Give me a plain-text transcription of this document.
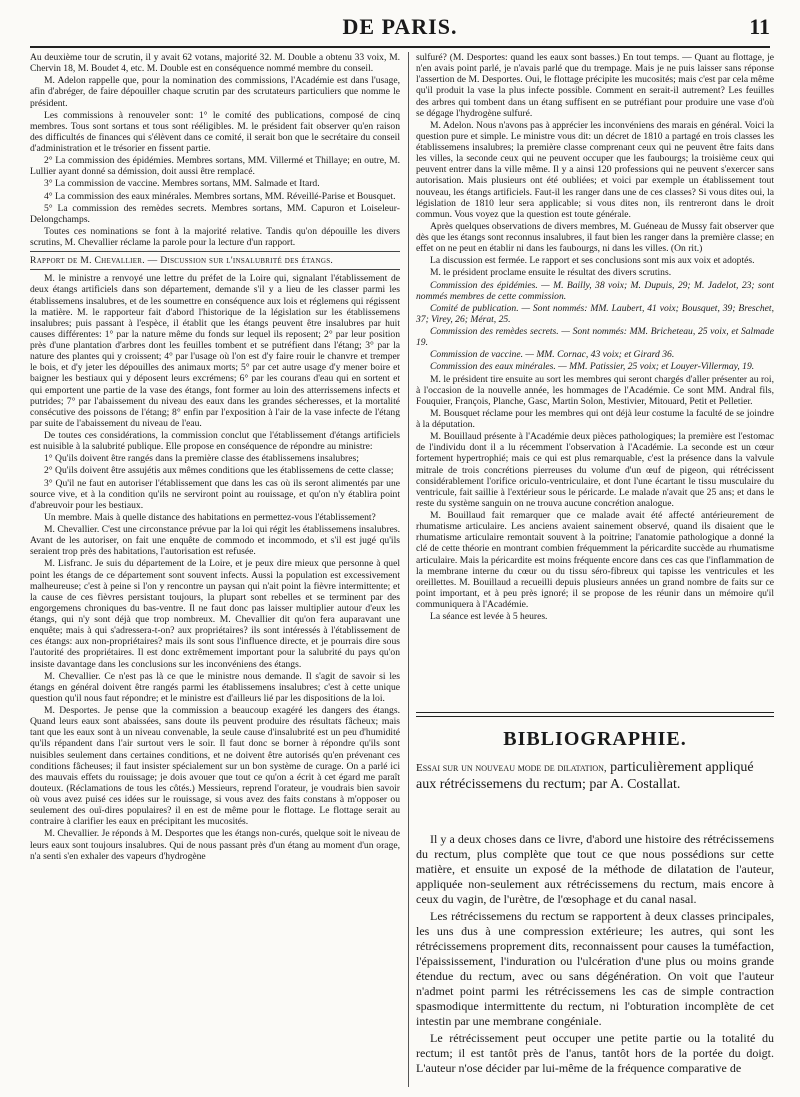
DE PARIS.	11

Au deuxième tour de scrutin, il y avait 62 votans, majorité 32. M. Double a obtenu 33 voix, M. Chervin 18, M. Boudet 4, etc. M. Double est en conséquence nommé membre du conseil.

M. Adelon rappelle que, pour la nomination des commissions, l'Académie est dans l'usage, afin d'abréger, de faire dépouiller chaque scrutin par des scrutateurs particuliers que nomme le président.

Les commissions à renouveler sont: 1° le comité des publications, composé de cinq membres. Tous sont sortans et tous sont rééligibles. M. le président fait observer qu'en raison des difficultés de finances qui s'élèvent dans ce comité, il serait bon que le secrétaire du conseil d'administration et le trésorier en fissent partie.

2° La commission des épidémies. Membres sortans, MM. Villermé et Thillaye; en outre, M. Lullier ayant donné sa démission, doit aussi être remplacé.

3° La commission de vaccine. Membres sortans, MM. Salmade et Itard.

4° La commission des eaux minérales. Membres sortans, MM. Réveillé-Parise et Bousquet.

5° La commission des remèdes secrets. Membres sortans, MM. Capuron et Loiseleur-Delongchamps.

Toutes ces nominations se font à la majorité relative. Tandis qu'on dépouille les divers scrutins, M. Chevallier réclame la parole pour la lecture d'un rapport.

Rapport de M. Chevallier. — Discussion sur l'insalubrité des étangs.

M. le ministre a renvoyé une lettre du préfet de la Loire qui, signalant l'établissement de deux étangs artificiels dans son département, demande s'il y a lieu de les classer parmi les établissemens insalubres, et de les soumettre en conséquence aux lois et réglemens qui régissent la matière. M. le rapporteur fait d'abord l'historique de la législation sur les établissemens insalubres; puis passant à l'espèce, il établit que les étangs peuvent être insalubres par huit causes différentes: 1° par la nature même du fonds sur lequel ils reposent; 2° par leur position près d'une plantation d'arbres dont les feuilles tombent et se putréfient dans l'étang; 3° par la nature des plantes qui y croissent; 4° par l'usage où l'on est d'y faire rouir le chanvre et tremper le bois, et d'y jeter les dépouilles des animaux morts; 5° par cet autre usage d'y mener boire et baigner les bestiaux qui y déposent leurs excrémens; 6° par les courans d'eau qui en sortent et qui emportent une partie de la vase des étangs, font former au loin des atterrissemens infects et putrides; 7° par l'abaissement du niveau des eaux dans les grandes sécheresses, et la mortalité consécutive des poissons de l'étang; 8° enfin par l'exposition à l'air de la vase infecte de l'étang par suite de l'abaissement du niveau de l'eau.

De toutes ces considérations, la commission conclut que l'établissement d'étangs artificiels est nuisible à la salubrité publique. Elle propose en conséquence de répondre au ministre:

1° Qu'ils doivent être rangés dans la première classe des établissemens insalubres;

2° Qu'ils doivent être assujétis aux mêmes conditions que les établissemens de cette classe;

3° Qu'il ne faut en autoriser l'établissement que dans les cas où ils seront alimentés par une source vive, et à la condition qu'ils ne serviront point au rouissage, et qu'on n'y établira point d'abreuvoir pour les bestiaux.

Un membre. Mais à quelle distance des habitations en permettez-vous l'établissement?

M. Chevallier. C'est une circonstance prévue par la loi qui régit les établissemens insalubres. Avant de les autoriser, on fait une enquête de commodo et incommodo, et s'il est jugé qu'ils seraient trop près des habitations, l'autorisation est refusée.

M. Lisfranc. Je suis du département de la Loire, et je peux dire mieux que personne à quel point les étangs de ce département sont souvent infects. Aussi la population est excessivement malheureuse; c'est à peine si l'on y rencontre un paysan qui n'ait point la fièvre intermittente; et la cause de ces fièvres persistant toujours, la plupart sont rebelles et se terminent par des engorgemens chroniques du bas-ventre. Il ne faut donc pas laisser multiplier autour d'eux les étangs, qui n'y sont déjà que trop nombreux. M. Chevallier dit qu'on fera auparavant une enquête; mais à qui s'adressera-t-on? aux propriétaires? ils sont intéressés à l'établissement de ces étangs: aux non-propriétaires? mais ils sont sous l'influence directe, et je pourrais dire sous l'autorité des propriétaires. Il est donc extrêmement important pour la salubrité du pays qu'on insiste davantage dans les conclusions sur les inconvéniens des étangs.

M. Chevallier. Ce n'est pas là ce que le ministre nous demande. Il s'agit de savoir si les étangs en général doivent être rangés parmi les établissemens insalubres; c'est à cette unique question qu'il nous faut répondre; et le ministre est d'ailleurs lié par les dispositions de la loi.

M. Desportes. Je pense que la commission a beaucoup exagéré les dangers des étangs. Quand leurs eaux sont abaissées, sans doute ils peuvent produire des résultats fâcheux; mais tant que les eaux sont à un niveau convenable, la seule cause d'insalubrité est un peu d'humidité qu'ils répandent dans l'air surtout vers le soir. Il faut donc se borner à répondre qu'ils sont nuisibles seulement dans certaines conditions, et ne doivent être autorisés qu'en prévenant ces conditions fâcheuses; il faut insister spécialement sur un bon système de curage. On a parlé ici des mauvais effets du rouissage; je dois avouer que tout ce qu'on a écrit à cet égard me paraît douteux. (Réclamations de tous les côtés.) Messieurs, reprend l'orateur, je voudrais bien savoir où vous avez puisé ces idées sur le rouissage, si vous avez des faits constans à m'opposer ou seulement des ouï-dires populaires? il en est de même pour le flottage. Le flottage serait au contraire à clarifier les eaux en précipitant les mucosités.

M. Chevallier. Je réponds à M. Desportes que les étangs non-curés, quelque soit le niveau de leurs eaux sont toujours insalubres. Qui de nous passant près d'un étang au moment d'un orage, n'a senti s'en exhaler des vapeurs d'hydrogène

sulfuré? (M. Desportes: quand les eaux sont basses.) En tout temps. — Quant au flottage, je n'en avais point parlé, je n'avais parlé que du trempage. Mais je ne puis laisser sans réponse l'assertion de M. Desportes. Oui, le flottage précipite les mucosités; mais c'est par cela même qu'il produit la vase la plus infecte possible. Comment en serait-il autrement? Les feuilles des arbres qui tombent dans un étang suffisent en se putréfiant pour produire une vase d'où se dégage l'hydrogène sulfuré.

M. Adelon. Nous n'avons pas à apprécier les inconvéniens des marais en général. Voici la question pure et simple. Le ministre vous dit: un décret de 1810 a partagé en trois classes les établissemens insalubres; la première classe comprenant ceux qui ne peuvent être faits dans les villes, la seconde ceux qui ne peuvent occuper que les faubourgs; la troisième ceux qui peuvent entrer dans la ville même. Il y a ainsi 120 professions qui ne peuvent s'exercer sans autorisation. Mais plusieurs ont été oubliées; et voici par exemple un établissement tout nouveau, les étangs artificiels. Faut-il les ranger dans une de ces classes? Si vous dites oui, la législation de 1810 leur sera applicable; si vous dites non, ils rentreront dans le droit commun. Vous voyez que la question est toute générale.

Après quelques observations de divers membres, M. Guéneau de Mussy fait observer que dès que les étangs sont reconnus insalubres, il faut bien les ranger dans la première classe; en effet on ne peut en établir ni dans les faubourgs, ni dans les villes. (On rit.)

La discussion est fermée. Le rapport et ses conclusions sont mis aux voix et adoptés.

M. le président proclame ensuite le résultat des divers scrutins.

Commission des épidémies. — M. Bailly, 38 voix; M. Dupuis, 29; M. Jadelot, 23; sont nommés membres de cette commission.

Comité de publication. — Sont nommés: MM. Laubert, 41 voix; Bousquet, 39; Breschet, 37; Virey, 26; Mérat, 25.

Commission des remèdes secrets. — Sont nommés: MM. Bricheteau, 25 voix, et Salmade 19.

Commission de vaccine. — MM. Cornac, 43 voix; et Girard 36.

Commission des eaux minérales. — MM. Patissier, 25 voix; et Louyer-Villermay, 19.

M. le président tire ensuite au sort les membres qui seront chargés d'aller présenter au roi, à l'occasion de la nouvelle année, les hommages de l'Académie. Ce sont MM. Andral fils, Fouquier, François, Planche, Gasc, Martin Solon, Mestivier, Mitouard, Petit et Pelletier.

M. Bousquet réclame pour les membres qui ont déjà leur costume la faculté de se joindre à la députation.

M. Bouillaud présente à l'Académie deux pièces pathologiques; la première est l'estomac de l'individu dont il a lu récemment l'observation à l'Académie. La seconde est un cœur fortement hypertrophié; mais ce qui est plus remarquable, c'est la présence dans la valvule mitrale de trois concrétions pierreuses du volume d'un œuf de pigeon, qui rétrécissent considérablement l'orifice oriculo-ventriculaire, et dont l'une écartant le tissu musculaire du ventricule, fait saillie à l'extérieur sous le péricarde. Le malade n'avait que 25 ans; et dans le reste du système sanguin on ne trouva aucune concrétion analogue.

M. Bouillaud fait remarquer que ce malade avait été affecté antérieurement de rhumatisme articulaire. Les anciens avaient sainement observé, quand ils disaient que le rhumatisme articulaire remontait souvent à la poitrine; l'anatomie pathologique a donné la clé de cette théorie en montrant combien fréquemment la péricardite succède au rhumatisme articulaire. Mais la péricardite est moins fréquente encore dans ces cas que l'inflammation de la membrane interne du cœur ou du tissu séro-fibreux qui tapisse les ventricules et les oreillettes. M. Bouillaud a recueilli depuis plusieurs années un grand nombre de faits sur ce point important, et à peu près ignoré; il se propose de les réunir dans un mémoire qu'il communiquera à l'Académie.

La séance est levée à 5 heures.

BIBLIOGRAPHIE.
Essai sur un nouveau mode de dilatation, particulièrement appliqué aux rétrécissemens du rectum; par A. Costallat.

Il y a deux choses dans ce livre, d'abord une histoire des rétrécissemens du rectum, plus complète que tout ce que nous possédions sur cette matière, et ensuite un exposé de la méthode de dilatation de l'auteur, appliquée non-seulement aux rétrécissemens du rectum, mais encore à ceux du vagin, de l'urètre, de l'œsophage et du canal nasal.

Les rétrécissemens du rectum se rapportent à deux classes principales, les uns dus à une compression extérieure; les autres, qui sont les rétrécissemens proprement dits, reconnaissent pour causes la tuméfaction, l'épaississement, l'induration ou l'ulcération d'une plus ou moins grande étendue du rectum, avec ou sans dégénération. On voit que l'auteur n'admet point parmi les rétrécissemens les cas de simple contraction spasmodique intermittente du rectum, ni l'obturation incomplète de cet intestin par une membrane congéniale.

Le rétrécissement peut occuper une petite partie ou la totalité du rectum; il est tantôt près de l'anus, tantôt hors de la portée du doigt. L'auteur n'ose décider par lui-même de la fréquence comparative de
